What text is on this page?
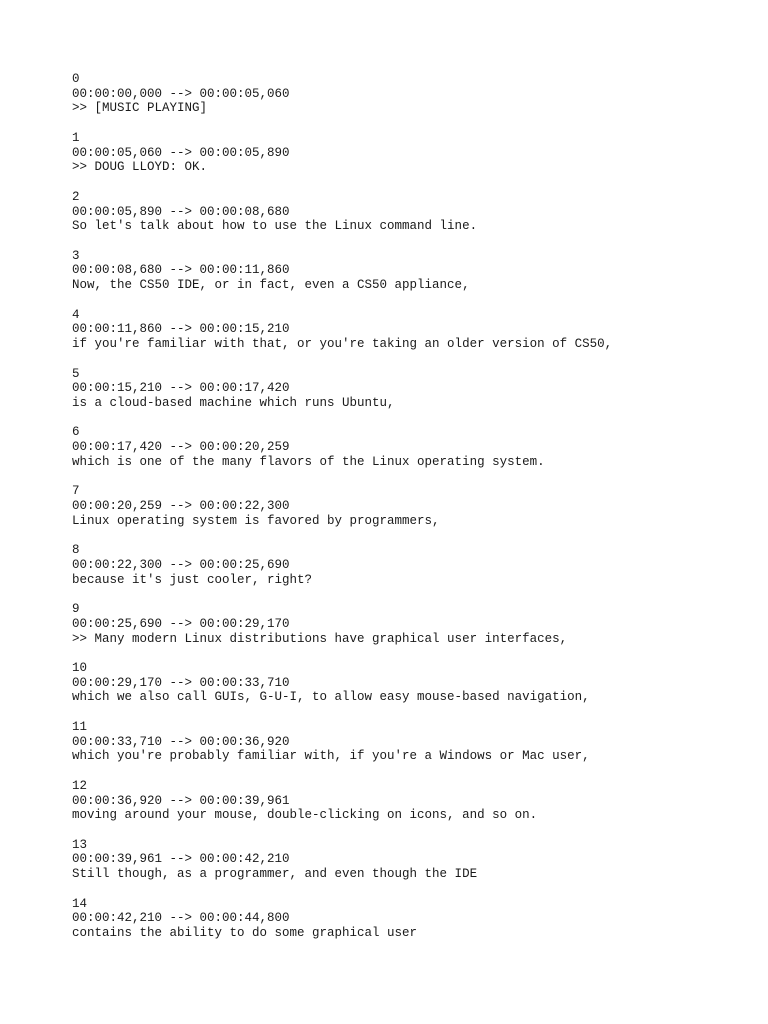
0
00:00:00,000 --> 00:00:05,060
>> [MUSIC PLAYING]
1
00:00:05,060 --> 00:00:05,890
>> DOUG LLOYD: OK.
2
00:00:05,890 --> 00:00:08,680
So let's talk about how to use the Linux command line.
3
00:00:08,680 --> 00:00:11,860
Now, the CS50 IDE, or in fact, even a CS50 appliance,
4
00:00:11,860 --> 00:00:15,210
if you're familiar with that, or you're taking an older version of CS50,
5
00:00:15,210 --> 00:00:17,420
is a cloud-based machine which runs Ubuntu,
6
00:00:17,420 --> 00:00:20,259
which is one of the many flavors of the Linux operating system.
7
00:00:20,259 --> 00:00:22,300
Linux operating system is favored by programmers,
8
00:00:22,300 --> 00:00:25,690
because it's just cooler, right?
9
00:00:25,690 --> 00:00:29,170
>> Many modern Linux distributions have graphical user interfaces,
10
00:00:29,170 --> 00:00:33,710
which we also call GUIs, G-U-I, to allow easy mouse-based navigation,
11
00:00:33,710 --> 00:00:36,920
which you're probably familiar with, if you're a Windows or Mac user,
12
00:00:36,920 --> 00:00:39,961
moving around your mouse, double-clicking on icons, and so on.
13
00:00:39,961 --> 00:00:42,210
Still though, as a programmer, and even though the IDE
14
00:00:42,210 --> 00:00:44,800
contains the ability to do some graphical user
